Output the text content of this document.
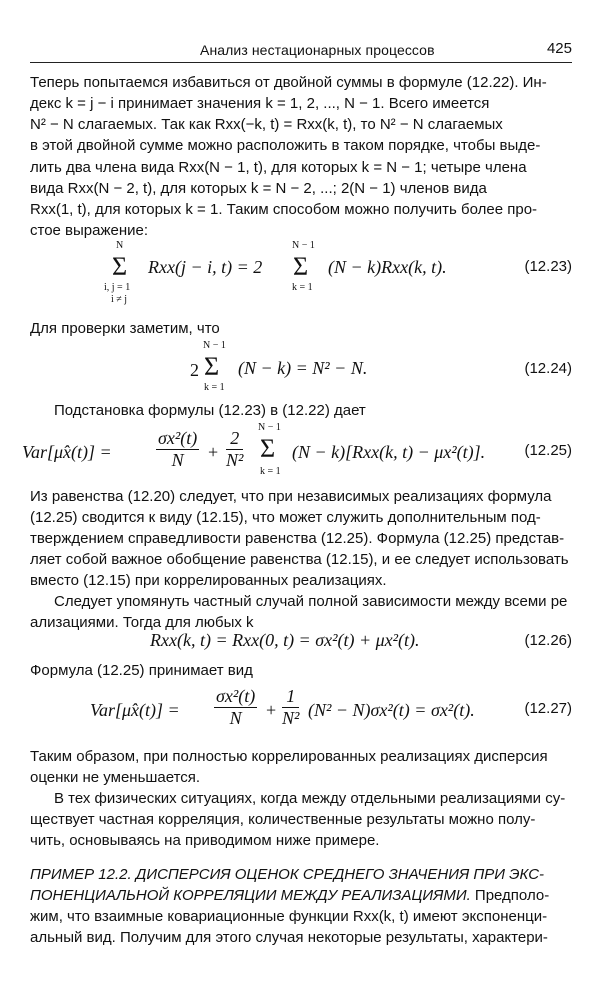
Анализ нестационарных процессов	425

Теперь попытаемся избавиться от двойной суммы в формуле (12.22). Ин-

декс k = j − i принимает значения k = 1, 2, ..., N − 1. Всего имеется

N² − N слагаемых. Так как Rxx(−k, t) = Rxx(k, t), то N² − N слагаемых

в этой двойной сумме можно расположить в таком порядке, чтобы выде-

лить два члена вида Rxx(N − 1, t), для которых k = N − 1; четыре члена

вида Rxx(N − 2, t), для которых k = N − 2, ...; 2(N − 1) членов вида

Rxx(1, t), для которых k = 1. Таким способом можно получить более про-

стое выражение:

N
Σ
i, j = 1
i ≠ j
Rxx(j − i, t) = 2
N − 1
Σ
k = 1
(N − k)Rxx(k, t).	(12.23)

Для проверки заметим, что

2
N − 1
Σ
k = 1
(N − k) = N² − N.	(12.24)

Подстановка формулы (12.23) в (12.22) дает

Var[μ̂x(t)] = $\frac{\text{σx²(t)}}{N} + \frac{2}{\text{N²}}$
N − 1
Σ
k = 1
(N − k)[Rxx(k, t) − μx²(t)].	(12.25)

Из равенства (12.20) следует, что при независимых реализациях формула

(12.25) сводится к виду (12.15), что может служить дополнительным под-

тверждением справедливости равенства (12.25). Формула (12.25) представ-

ляет собой важное обобщение равенства (12.15), и ее следует использовать

вместо (12.15) при коррелированных реализациях.

Следует упомянуть частный случай полной зависимости между всеми ре

ализациями. Тогда для любых k

Rxx(k, t) = Rxx(0, t) = σx²(t) + μx²(t).	(12.26)

Формула (12.25) принимает вид

Var[μ̂x(t)] = $\frac{\text{σx²(t)}}{N} + \frac{1}{\text{N²}} (N^2 - N)\sigma x^2(t) = \sigma x^2(t)$.	(12.27)

Таким образом, при полностью коррелированных реализациях дисперсия

оценки не уменьшается.

В тех физических ситуациях, когда между отдельными реализациями су-

ществует частная корреляция, количественные результаты можно полу-

чить, основываясь на приводимом ниже примере.

ПРИМЕР 12.2. ДИСПЕРСИЯ ОЦЕНОК СРЕДНЕГО ЗНАЧЕНИЯ ПРИ ЭКС-

ПОНЕНЦИАЛЬНОЙ КОРРЕЛЯЦИИ МЕЖДУ РЕАЛИЗАЦИЯМИ. Предполо-

жим, что взаимные ковариационные функции Rxx(k, t) имеют экспоненци-

альный вид. Получим для этого случая некоторые результаты, характери-
